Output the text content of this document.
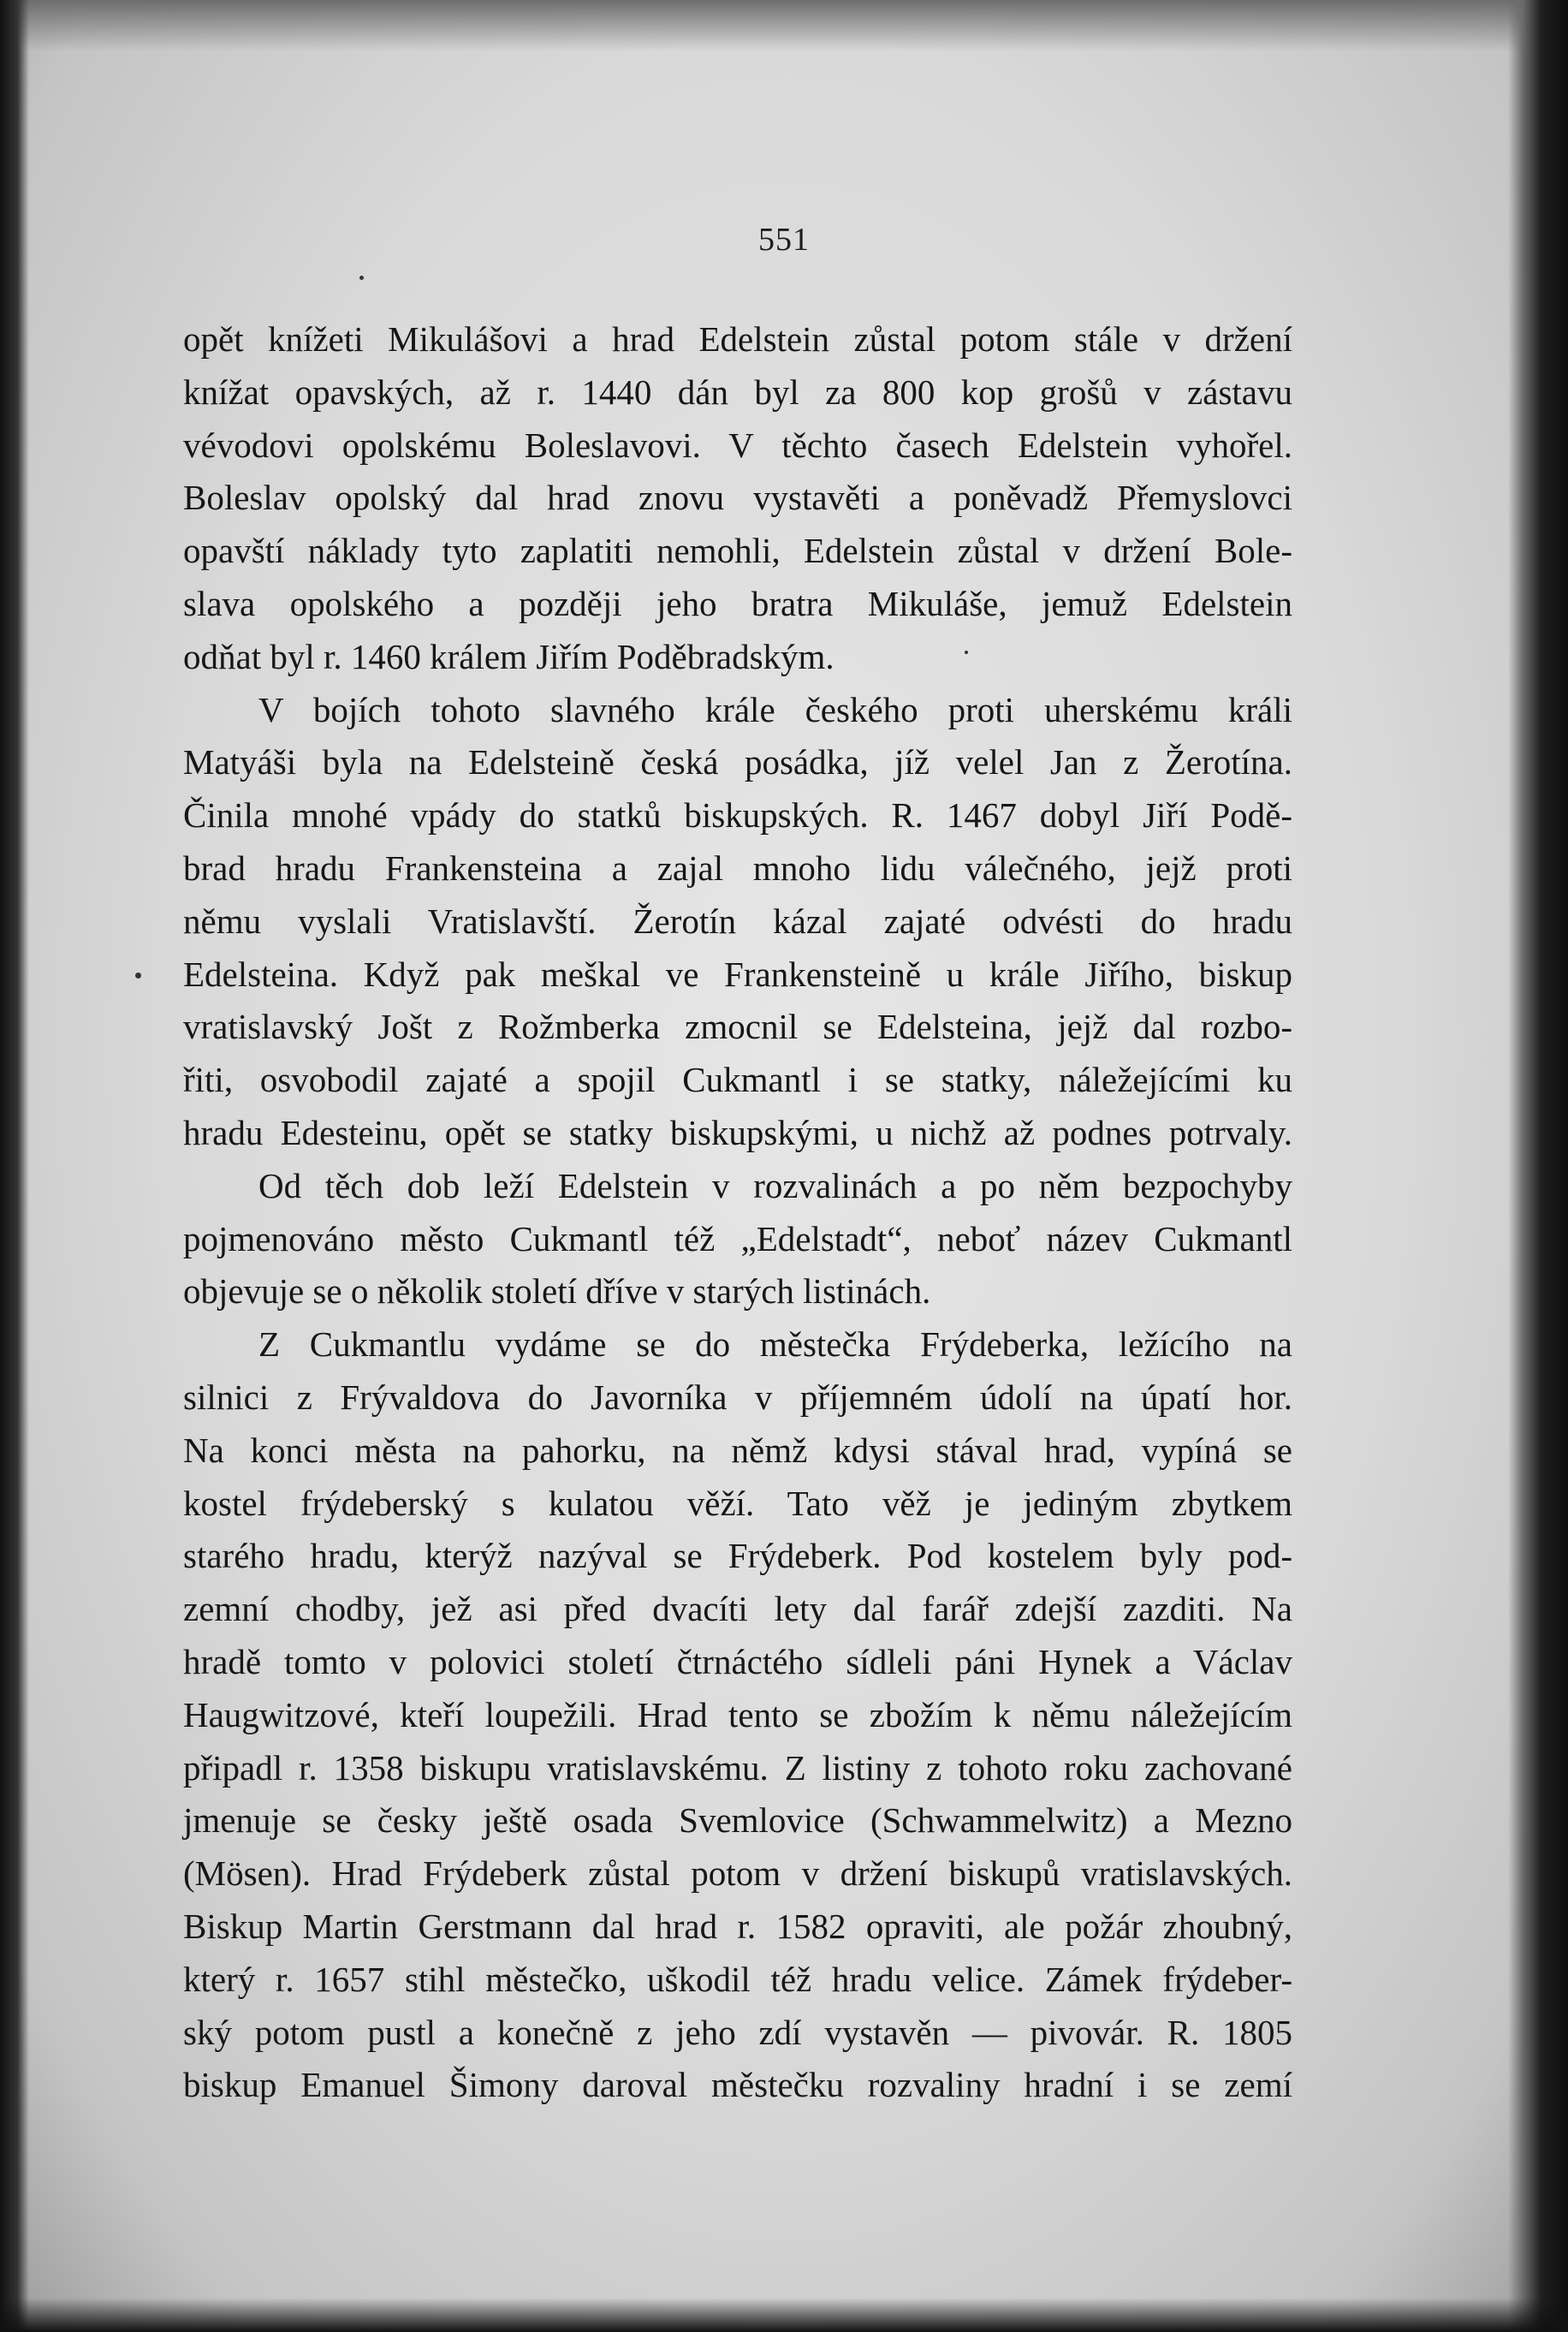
551
opět knížeti Mikulášovi a hrad Edelstein zůstal potom stále v držení
knížat opavských, až r. 1440 dán byl za 800 kop grošů v zástavu
vévodovi opolskému Boleslavovi. V těchto časech Edelstein vyhořel.
Boleslav opolský dal hrad znovu vystavěti a poněvadž Přemyslovci
opavští náklady tyto zaplatiti nemohli, Edelstein zůstal v držení Bole-
slava opolského a později jeho bratra Mikuláše, jemuž Edelstein
odňat byl r. 1460 králem Jiřím Poděbradským.
V bojích tohoto slavného krále českého proti uherskému králi
Matyáši byla na Edelsteině česká posádka, jíž velel Jan z Žerotína.
Činila mnohé vpády do statků biskupských. R. 1467 dobyl Jiří Podě-
brad hradu Frankensteina a zajal mnoho lidu válečného, jejž proti
němu vyslali Vratislavští. Žerotín kázal zajaté odvésti do hradu
Edelsteina. Když pak meškal ve Frankensteině u krále Jiřího, biskup
vratislavský Jošt z Rožmberka zmocnil se Edelsteina, jejž dal rozbo-
řiti, osvobodil zajaté a spojil Cukmantl i se statky, náležejícími ku
hradu Edesteinu, opět se statky biskupskými, u nichž až podnes potrvaly.
Od těch dob leží Edelstein v rozvalinách a po něm bezpochyby
pojmenováno město Cukmantl též „Edelstadt“, neboť název Cukmantl
objevuje se o několik století dříve v starých listinách.
Z Cukmantlu vydáme se do městečka Frýdeberka, ležícího na
silnici z Frývaldova do Javorníka v příjemném údolí na úpatí hor.
Na konci města na pahorku, na němž kdysi stával hrad, vypíná se
kostel frýdeberský s kulatou věží. Tato věž je jediným zbytkem
starého hradu, kterýž nazýval se Frýdeberk. Pod kostelem byly pod-
zemní chodby, jež asi před dvacíti lety dal farář zdejší zazditi. Na
hradě tomto v polovici století čtrnáctého sídleli páni Hynek a Václav
Haugwitzové, kteří loupežili. Hrad tento se zbožím k němu náležejícím
připadl r. 1358 biskupu vratislavskému. Z listiny z tohoto roku zachované
jmenuje se česky ještě osada Svemlovice (Schwammelwitz) a Mezno
(Mösen). Hrad Frýdeberk zůstal potom v držení biskupů vratislavských.
Biskup Martin Gerstmann dal hrad r. 1582 opraviti, ale požár zhoubný,
který r. 1657 stihl městečko, uškodil též hradu velice. Zámek frýdeber-
ský potom pustl a konečně z jeho zdí vystavěn — pivovár. R. 1805
biskup Emanuel Šimony daroval městečku rozvaliny hradní i se zemí
